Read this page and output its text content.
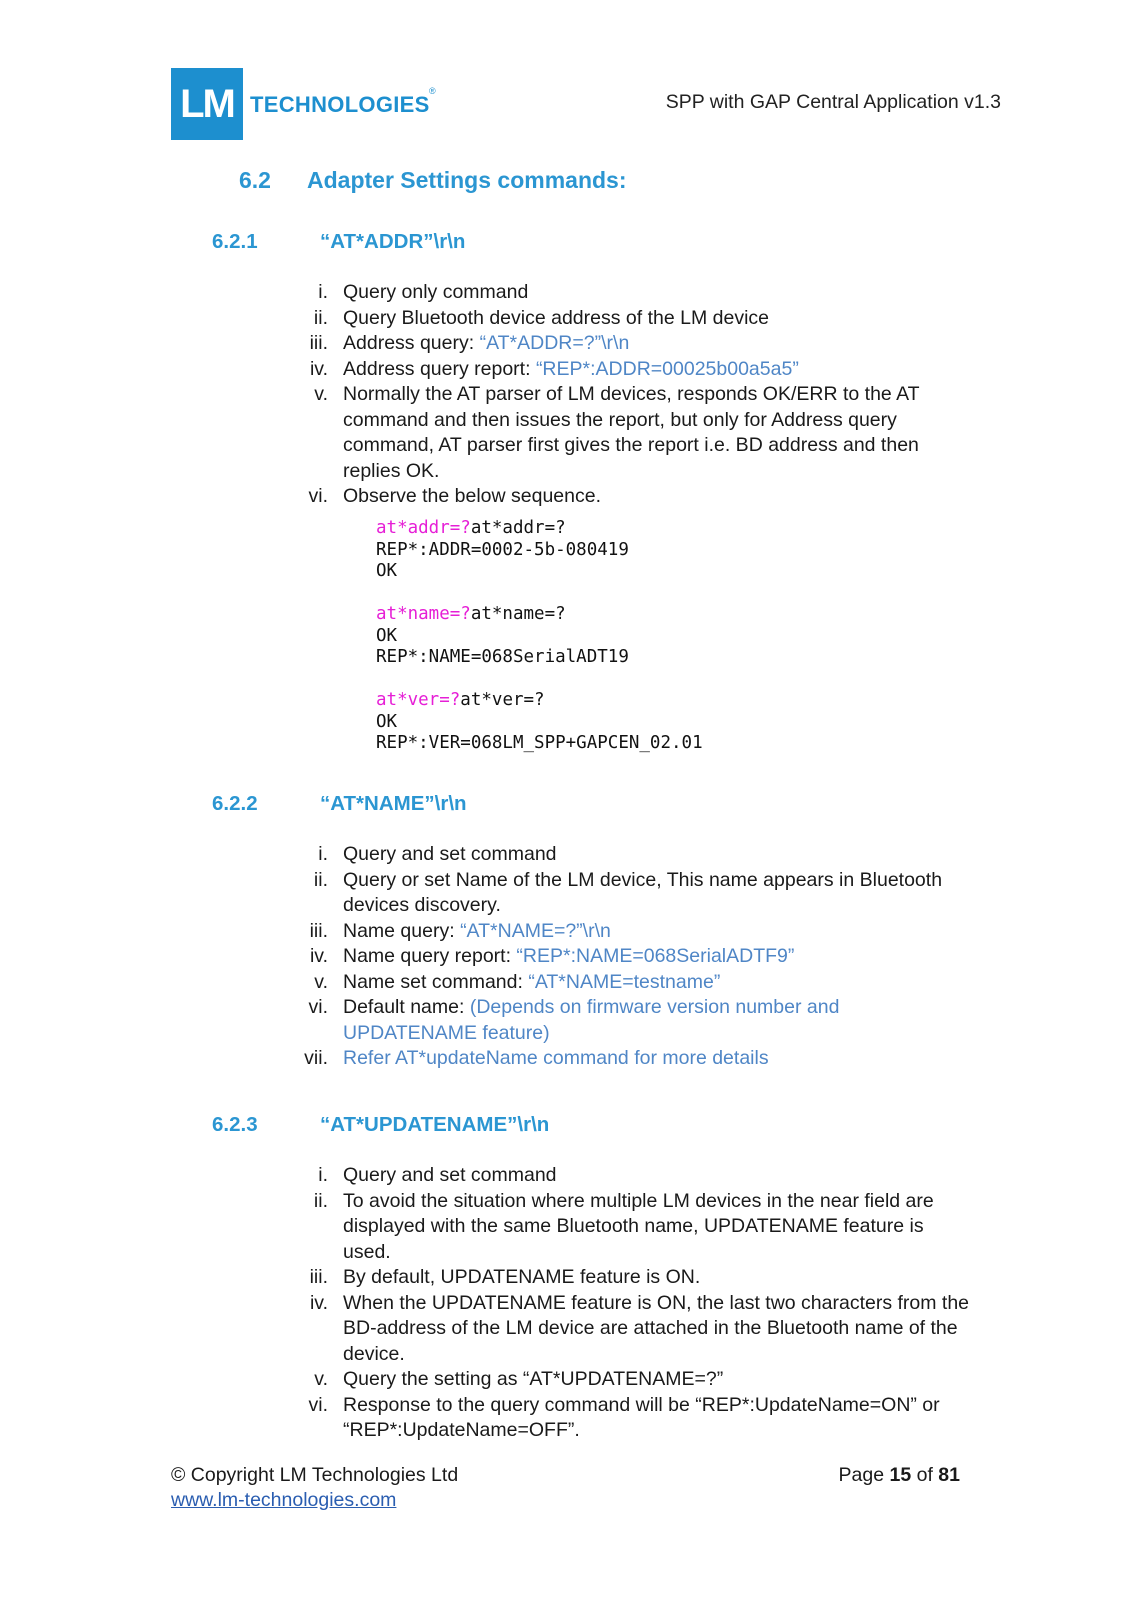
LM TECHNOLOGIES
®	SPP with GAP Central Application v1.3
6.2 Adapter Settings commands:
6.2.1	“AT*ADDR”\r\n
i. Query only command
ii. Query Bluetooth device address of the LM device
iii. Address query: “AT*ADDR=?”\r\n
iv. Address query report: “REP*:ADDR=00025b00a5a5”
v. Normally the AT parser of LM devices, responds OK/ERR to the AT command and then issues the report, but only for Address query command, AT parser first gives the report i.e. BD address and then replies OK.
vi. Observe the below sequence.
at*addr=?at*addr=?
REP*:ADDR=0002-5b-080419
OK
at*name=?at*name=?
OK
REP*:NAME=068SerialADT19
at*ver=?at*ver=?
OK
REP*:VER=068LM_SPP+GAPCEN_02.01
6.2.2	“AT*NAME”\r\n
i. Query and set command
ii. Query or set Name of the LM device, This name appears in Bluetooth devices discovery.
iii. Name query: “AT*NAME=?”\r\n
iv. Name query report: “REP*:NAME=068SerialADTF9”
v. Name set command: “AT*NAME=testname”
vi. Default name: (Depends on firmware version number and UPDATENAME feature)
vii. Refer AT*updateName command for more details
6.2.3	“AT*UPDATENAME”\r\n
i. Query and set command
ii. To avoid the situation where multiple LM devices in the near field are displayed with the same Bluetooth name, UPDATENAME feature is used.
iii. By default, UPDATENAME feature is ON.
iv. When the UPDATENAME feature is ON, the last two characters from the BD-address of the LM device are attached in the Bluetooth name of the device.
v. Query the setting as “AT*UPDATENAME=?”
vi. Response to the query command will be “REP*:UpdateName=ON” or “REP*:UpdateName=OFF”.
© Copyright LM Technologies Ltd
www.lm-technologies.com
Page 15 of 81
